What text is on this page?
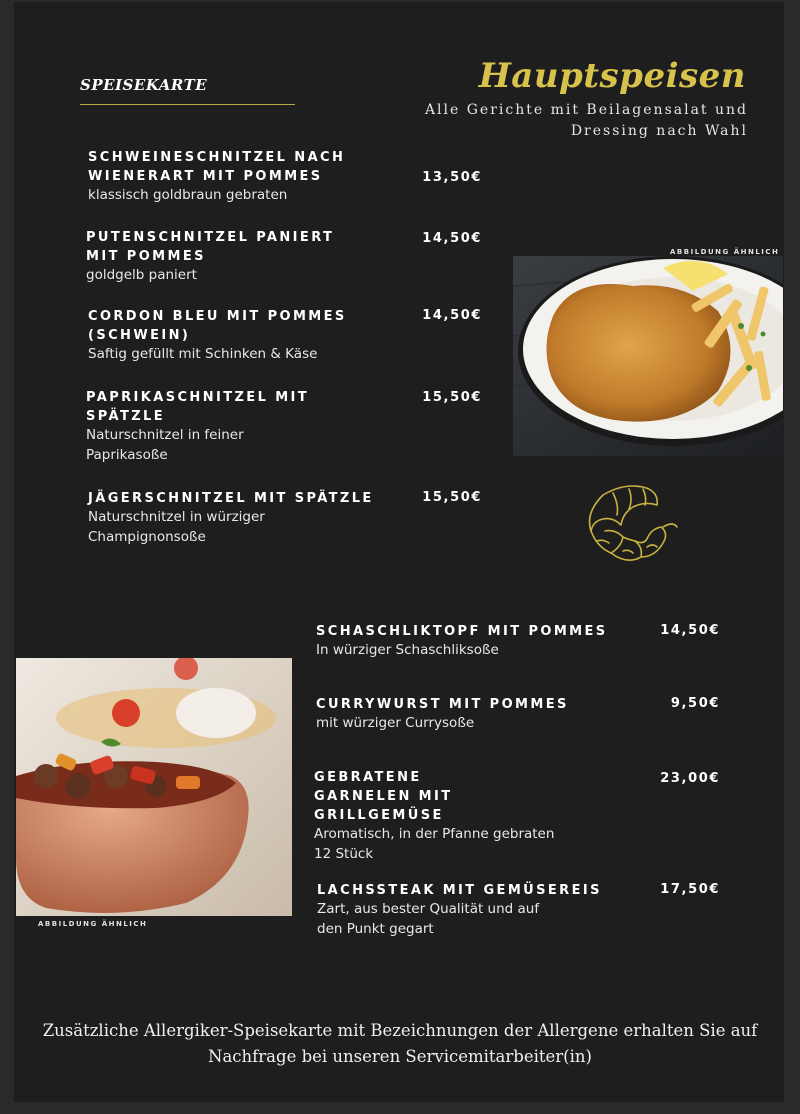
SPEISEKARTE	Hauptspeisen
Alle Gerichte mit Beilagensalat und Dressing nach Wahl

SCHWEINESCHNITZEL NACH WIENERART MIT POMMES

klassisch goldbraun gebraten

13,50€

PUTENSCHNITZEL PANIERT MIT POMMES

goldgelb paniert

14,50€

CORDON BLEU MIT POMMES (SCHWEIN)

Saftig gefüllt mit Schinken & Käse

14,50€

PAPRIKASCHNITZEL MIT SPÄTZLE

Naturschnitzel in feiner Paprikasoße

15,50€

JÄGERSCHNITZEL MIT SPÄTZLE

Naturschnitzel in würziger Champignonsoße

15,50€
ABBILDUNG ÄHNLICH
ABBILDUNG ÄHNLICH

SCHASCHLIKTOPF MIT POMMES

In würziger Schaschliksoße

14,50€

CURRYWURST MIT POMMES

mit würziger Currysoße

9,50€

GEBRATENE GARNELEN MIT GRILLGEMÜSE

Aromatisch, in der Pfanne gebraten 12 Stück

23,00€

LACHSSTEAK MIT GEMÜSEREIS

Zart, aus bester Qualität und auf den Punkt gegart

17,50€
Zusätzliche Allergiker-Speisekarte mit Bezeichnungen der Allergene erhalten Sie auf Nachfrage bei unseren Servicemitarbeiter(in)
